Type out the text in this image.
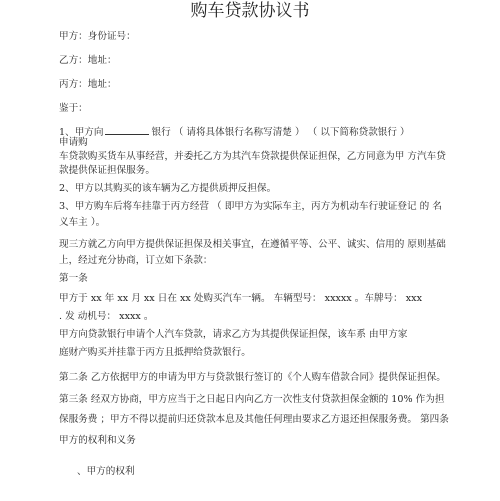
购车贷款协议书
甲方：身份证号：
乙方：地址：
丙方：地址：
鉴于：
1、甲方向	银行 （ 请将具体银行名称写清楚 ） （ 以下简称贷款银行 ）
申请购
车贷款购买货车从事经营，并委托乙方为其汽车贷款提供保证担保，乙方同意为甲 方汽车贷
款提供保证担保服务。
2、甲方以其购买的该车辆为乙方提供质押反担保。
3、甲方购车后将车挂靠于丙方经营 （ 即甲方为实际车主，丙方为机动车行驶证登记 的 名
义车主 ）。
现三方就乙方向甲方提供保证担保及相关事宜，在遵循平等、公平、诚实、信用的 原则基础
上，经过充分协商，订立如下条款：
第一条
甲方于 xx 年 xx 月 xx 日在 xx 处购买汽车一辆。 车辆型号： xxxxx 。车牌号： xxx
. 发 动机号： xxxx 。
甲方向贷款银行申请个人汽车贷款，请求乙方为其提供保证担保，该车系 由甲方家
庭财产购买并挂靠于丙方且抵押给贷款银行。
第二条 乙方依据甲方的申请为甲方与贷款银行签订的《个人购车借款合同》提供保证担保。
第三条 经双方协商，甲方应当于之日起日内向乙方一次性支付贷款担保金额的 10% 作为担
保服务费 ；甲方不得以提前归还贷款本息及其他任何理由要求乙方退还担保服务费。 第四条
甲方的权利和义务
、甲方的权利
